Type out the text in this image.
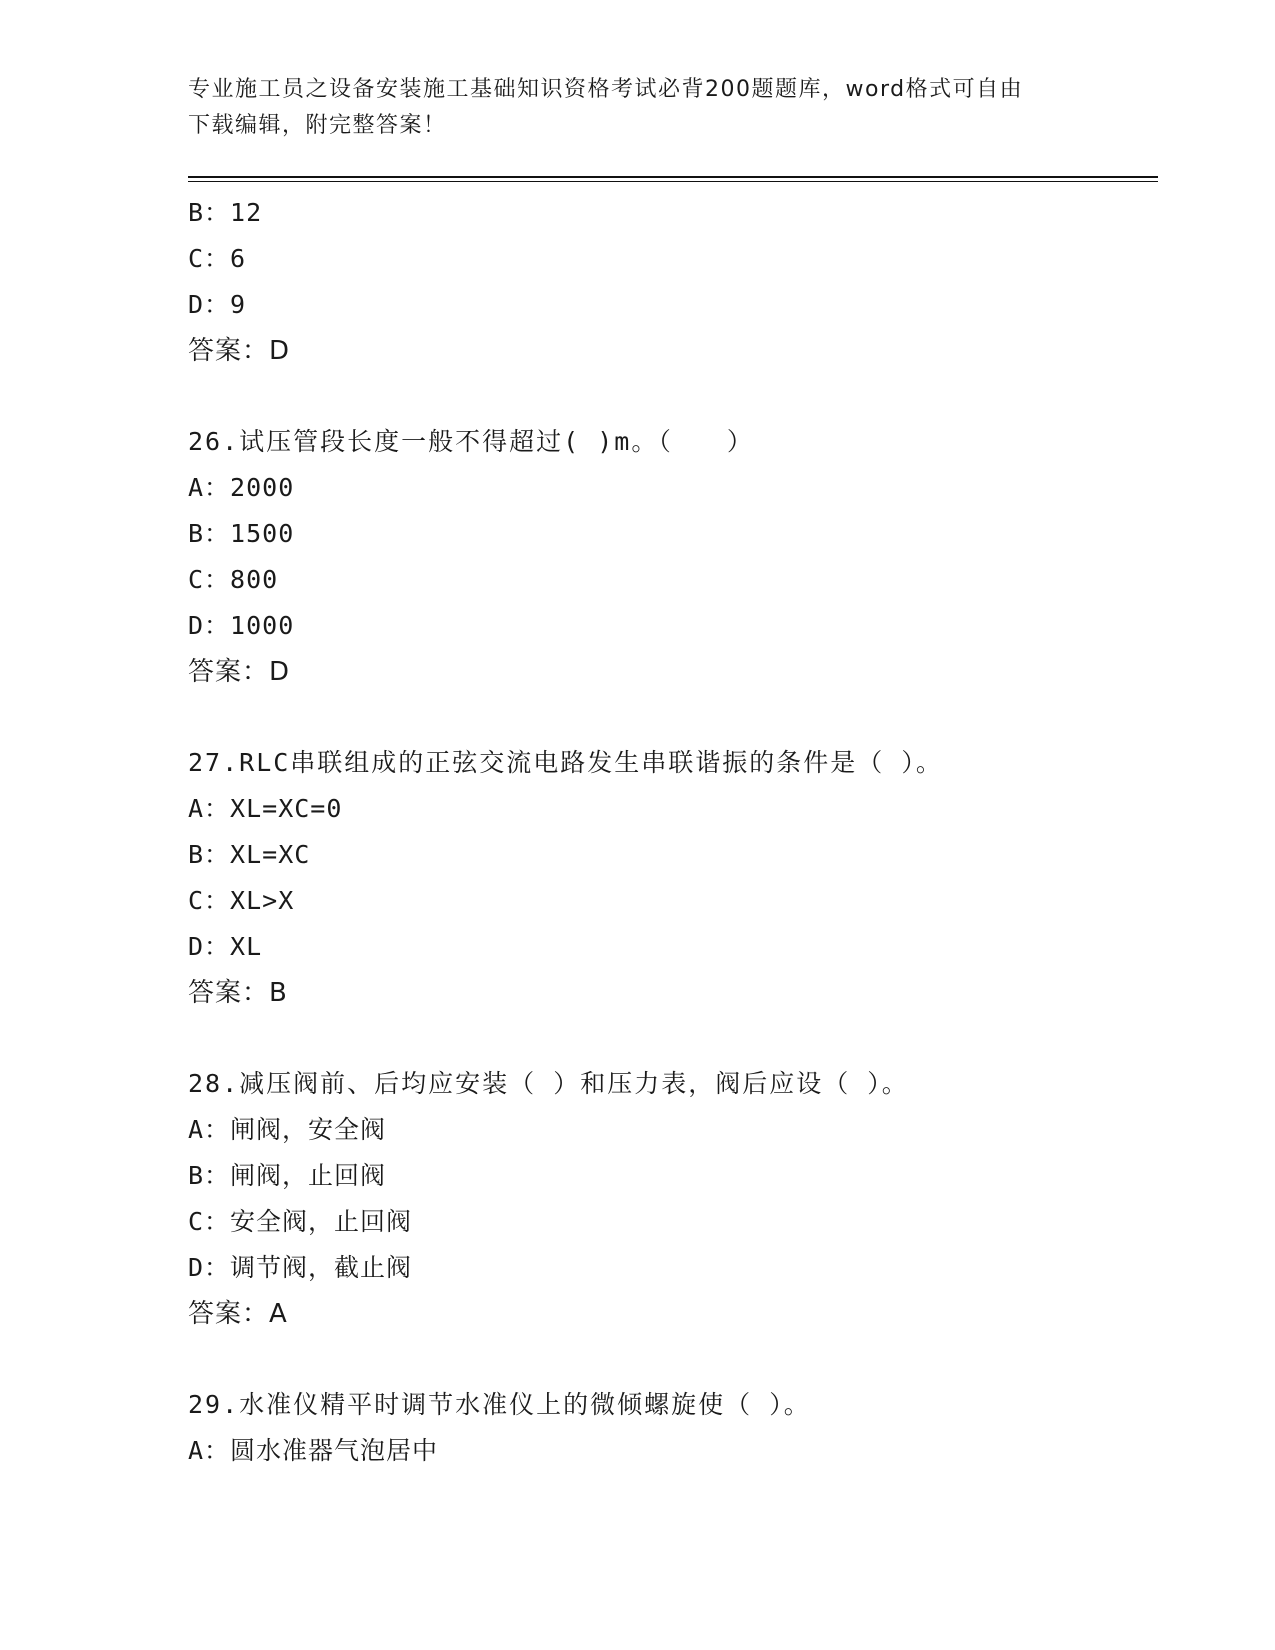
专业施工员之设备安装施工基础知识资格考试必背200题题库，word格式可自由
下载编辑，附完整答案！
B：12
C：6
D：9
答案：D
26.试压管段长度一般不得超过( )m。（　　）
A：2000
B：1500
C：800
D：1000
答案：D
27.RLC串联组成的正弦交流电路发生串联谐振的条件是（ ）。
A：XL=XC=0
B：XL=XC
C：XL>X
D：XL
答案：B
28.减压阀前、后均应安装（ ）和压力表，阀后应设（ ）。
A：闸阀，安全阀
B：闸阀，止回阀
C：安全阀，止回阀
D：调节阀，截止阀
答案：A
29.水准仪精平时调节水准仪上的微倾螺旋使（ ）。
A：圆水准器气泡居中
